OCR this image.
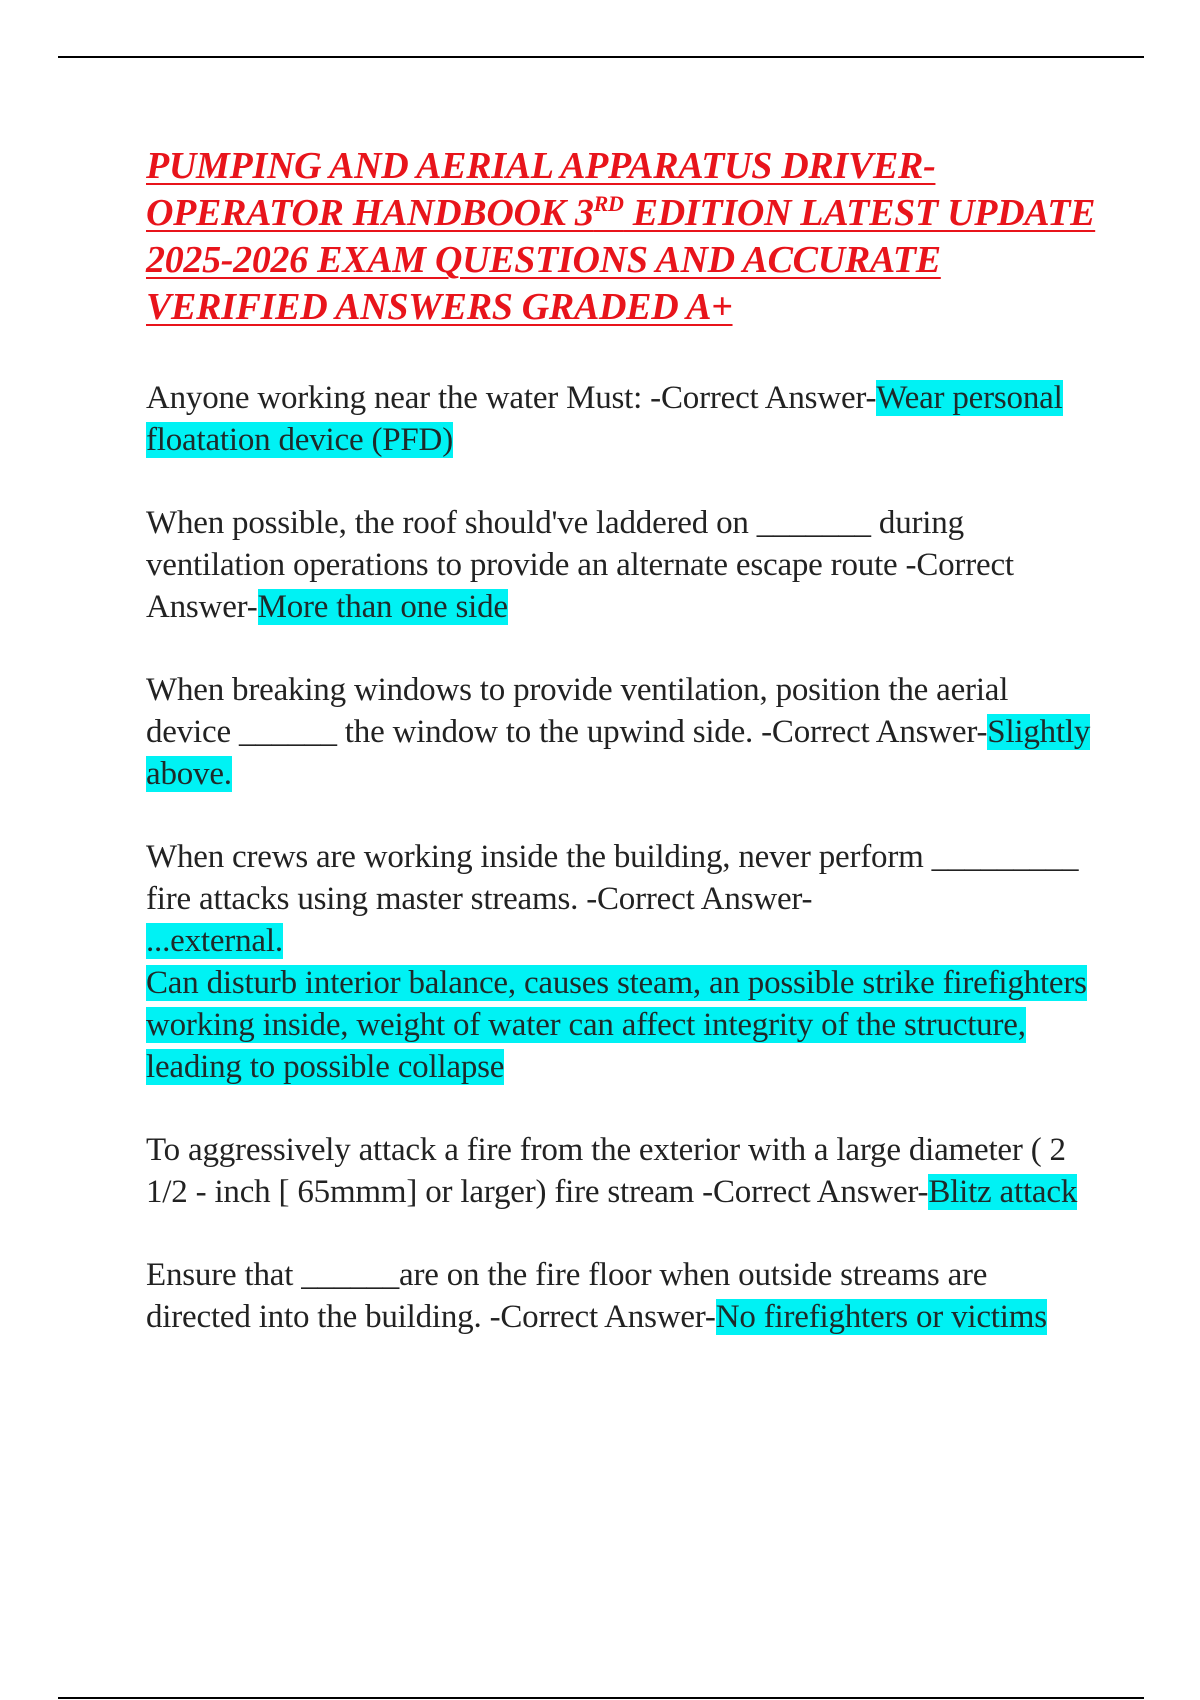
PUMPING AND AERIAL APPARATUS DRIVER-OPERATOR HANDBOOK 3RD EDITION LATEST UPDATE 2025-2026 EXAM QUESTIONS AND ACCURATE VERIFIED ANSWERS GRADED A+

Anyone working near the water Must: -Correct Answer-Wear personal floatation device (PFD)

When possible, the roof should've laddered on _______ during ventilation operations to provide an alternate escape route -Correct Answer-More than one side

When breaking windows to provide ventilation, position the aerial device ______ the window to the upwind side. -Correct Answer-Slightly above.

When crews are working inside the building, never perform _________ fire attacks using master streams. -Correct Answer-
...external.
Can disturb interior balance, causes steam, an possible strike firefighters working inside, weight of water can affect integrity of the structure, leading to possible collapse

To aggressively attack a fire from the exterior with a large diameter ( 2 1/2 - inch [ 65mmm] or larger) fire stream -Correct Answer-Blitz attack

Ensure that ______are on the fire floor when outside streams are directed into the building. -Correct Answer-No firefighters or victims
